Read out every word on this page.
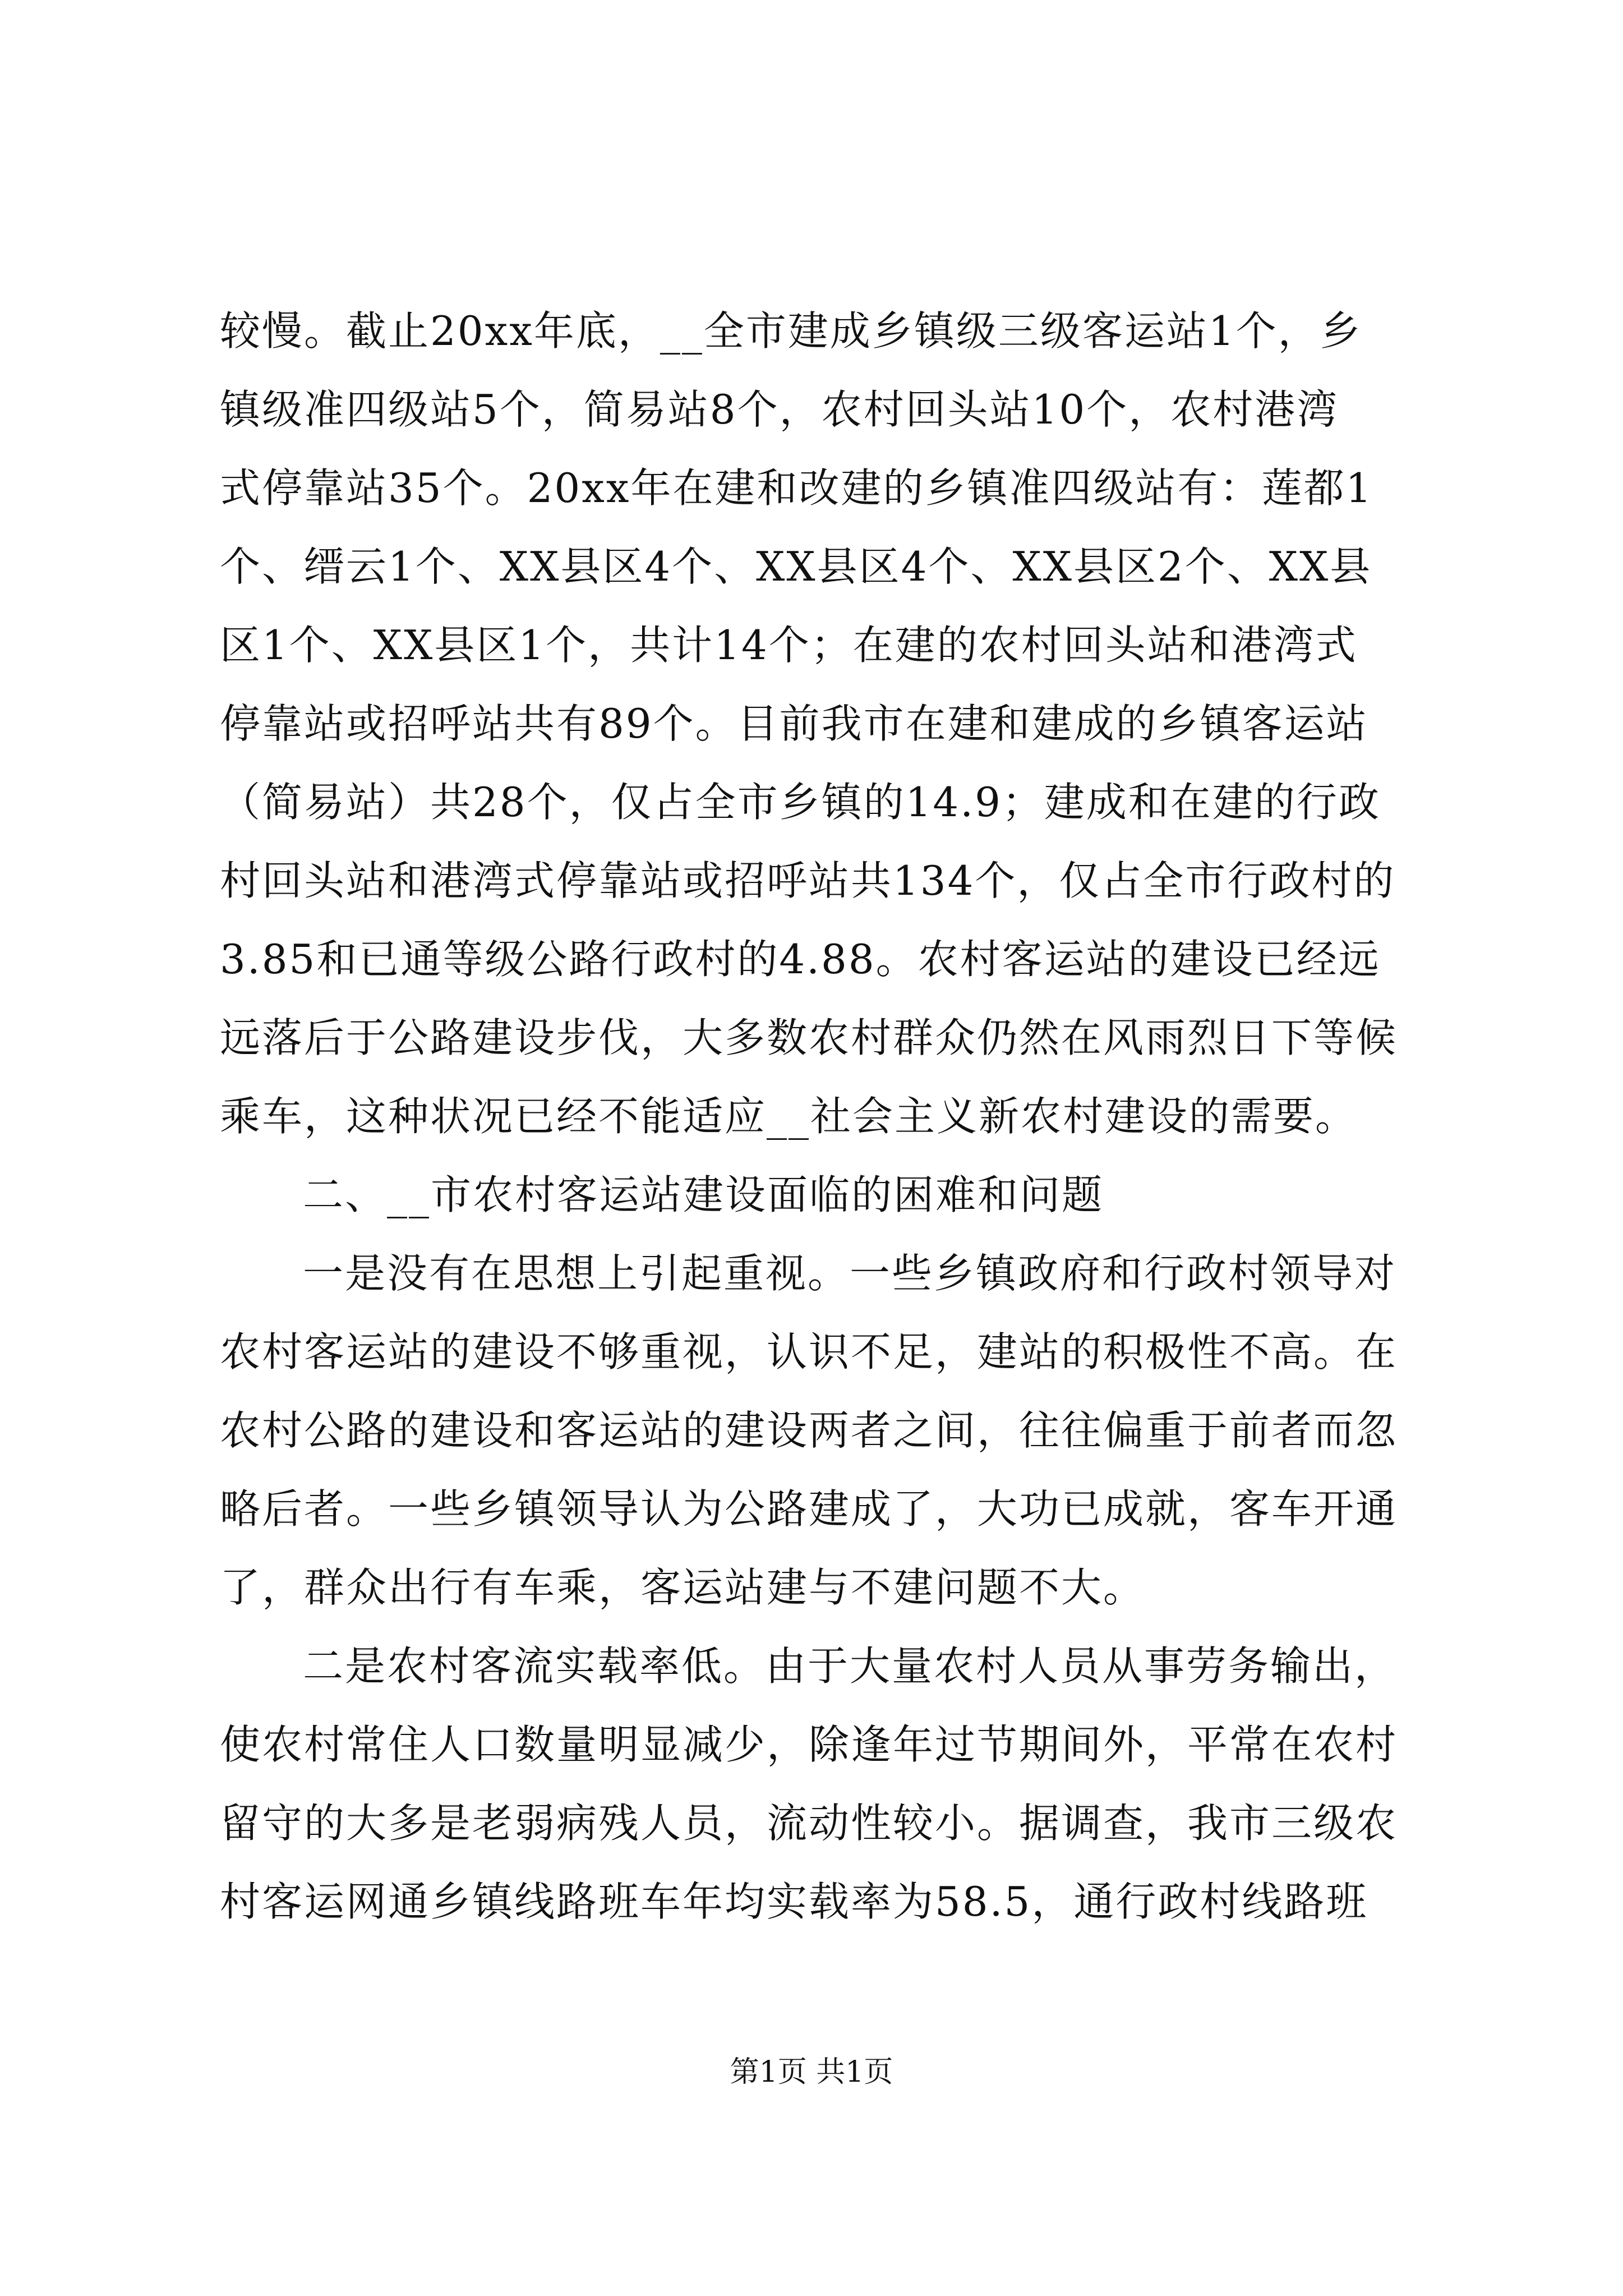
较慢。截止20xx年底，__全市建成乡镇级三级客运站1个，乡
镇级准四级站5个，简易站8个，农村回头站10个，农村港湾
式停靠站35个。20xx年在建和改建的乡镇准四级站有：莲都1
个、缙云1个、XX县区4个、XX县区4个、XX县区2个、XX县
区1个、XX县区1个，共计14个；在建的农村回头站和港湾式
停靠站或招呼站共有89个。目前我市在建和建成的乡镇客运站
（简易站）共28个，仅占全市乡镇的14.9；建成和在建的行政
村回头站和港湾式停靠站或招呼站共134个，仅占全市行政村的
3.85和已通等级公路行政村的4.88。农村客运站的建设已经远
远落后于公路建设步伐，大多数农村群众仍然在风雨烈日下等候
乘车，这种状况已经不能适应__社会主义新农村建设的需要。
二、__市农村客运站建设面临的困难和问题
一是没有在思想上引起重视。一些乡镇政府和行政村领导对
农村客运站的建设不够重视，认识不足，建站的积极性不高。在
农村公路的建设和客运站的建设两者之间，往往偏重于前者而忽
略后者。一些乡镇领导认为公路建成了，大功已成就，客车开通
了，群众出行有车乘，客运站建与不建问题不大。
二是农村客流实载率低。由于大量农村人员从事劳务输出，
使农村常住人口数量明显减少，除逢年过节期间外，平常在农村
留守的大多是老弱病残人员，流动性较小。据调查，我市三级农
村客运网通乡镇线路班车年均实载率为58.5，通行政村线路班
第1页 共1页
